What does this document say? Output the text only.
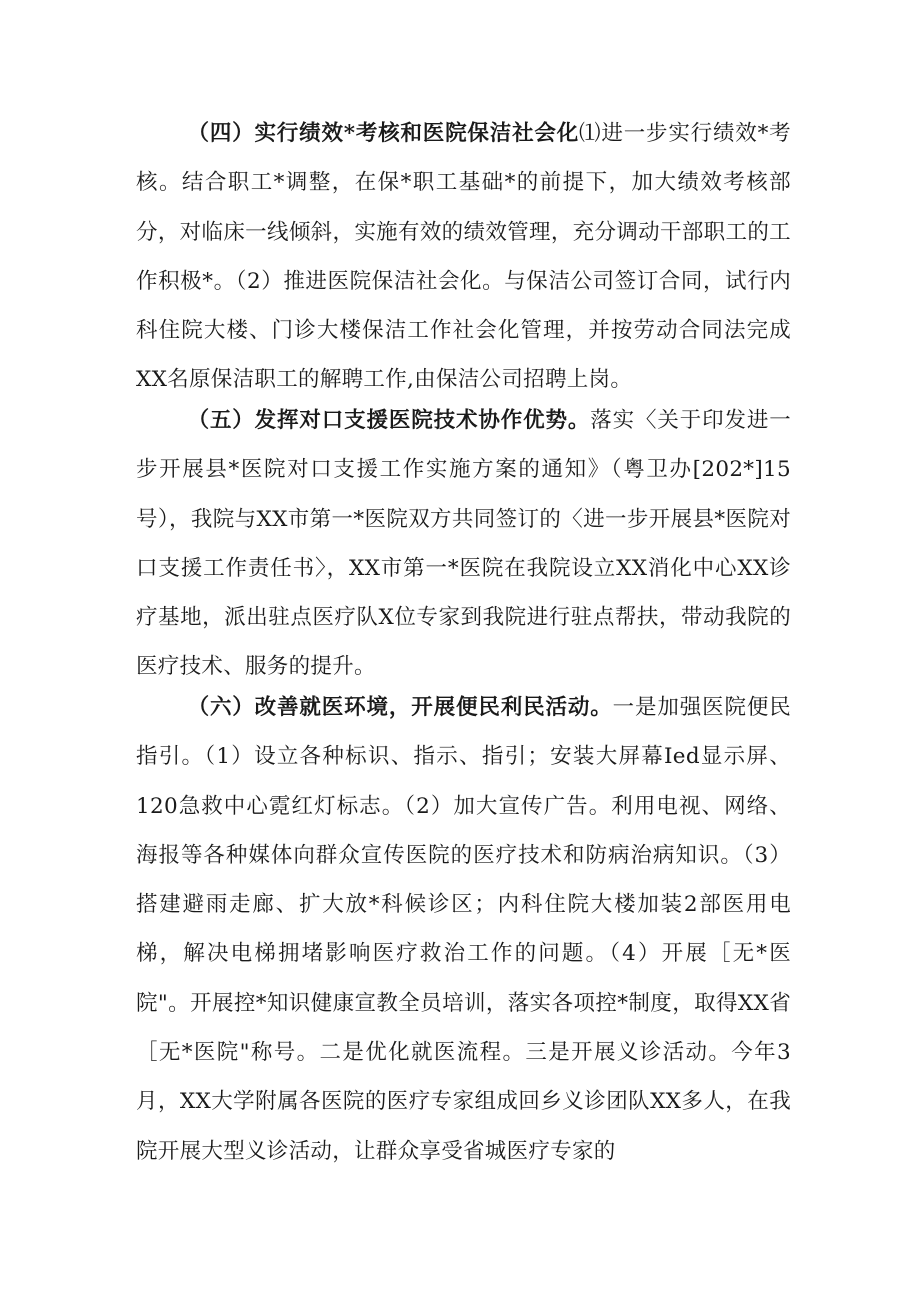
（四）实行绩效*考核和医院保洁社会化⑴进一步实行绩效*考核。结合职工*调整，在保*职工基础*的前提下，加大绩效考核部分，对临床一线倾斜，实施有效的绩效管理，充分调动干部职工的工作积极*。（2）推进医院保洁社会化。与保洁公司签订合同，试行内科住院大楼、门诊大楼保洁工作社会化管理，并按劳动合同法完成XX名原保洁职工的解聘工作,由保洁公司招聘上岗。

（五）发挥对口支援医院技术协作优势。落实〈关于印发进一步开展县*医院对口支援工作实施方案的通知》（粤卫办[202*]15号），我院与XX市第一*医院双方共同签订的〈进一步开展县*医院对口支援工作责任书〉，XX市第一*医院在我院设立XX消化中心XX诊疗基地，派出驻点医疗队X位专家到我院进行驻点帮扶，带动我院的医疗技术、服务的提升。

（六）改善就医环境，开展便民利民活动。一是加强医院便民指引。（1）设立各种标识、指示、指引；安装大屏幕Ied显示屏、120急救中心霓红灯标志。（2）加大宣传广告。利用电视、网络、海报等各种媒体向群众宣传医院的医疗技术和防病治病知识。（3）搭建避雨走廊、扩大放*科候诊区；内科住院大楼加装2部医用电梯，解决电梯拥堵影响医疗救治工作的问题。（4）开展［无*医院"。开展控*知识健康宣教全员培训，落实各项控*制度，取得XX省［无*医院"称号。二是优化就医流程。三是开展义诊活动。今年3月，XX大学附属各医院的医疗专家组成回乡义诊团队XX多人，在我院开展大型义诊活动，让群众享受省城医疗专家的
